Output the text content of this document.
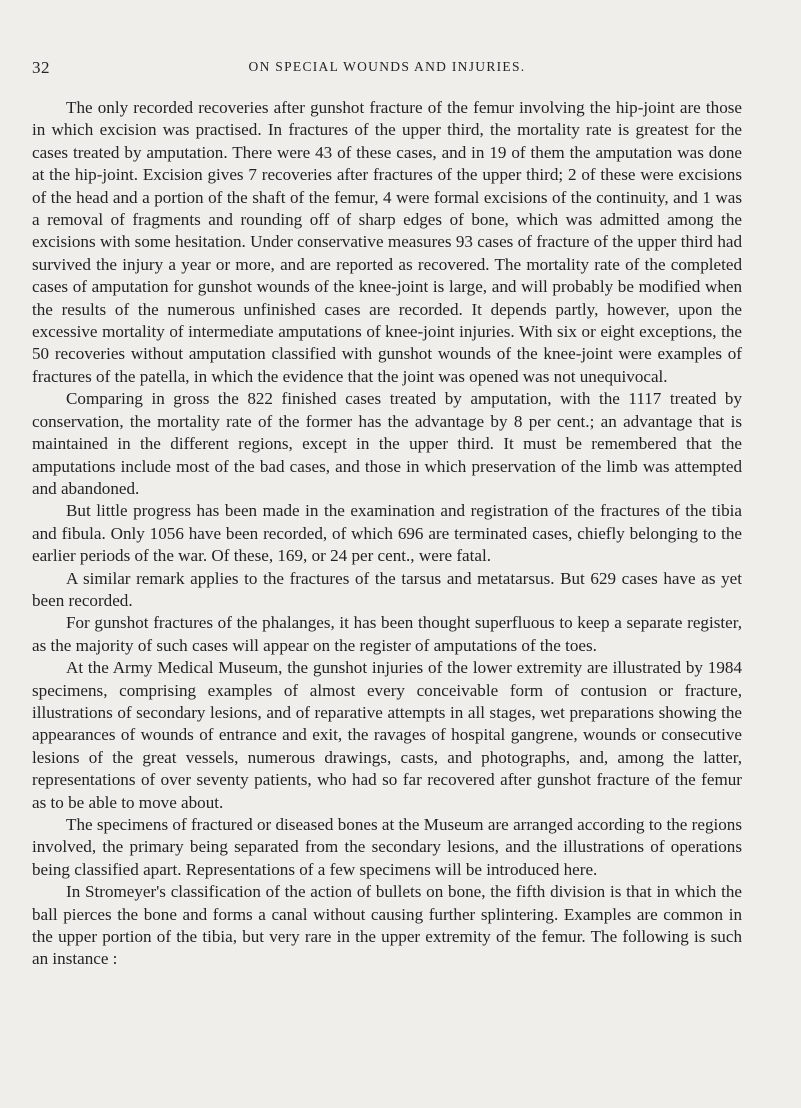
32	ON SPECIAL WOUNDS AND INJURIES.

The only recorded recoveries after gunshot fracture of the femur involving the hip-joint are those in which excision was practised. In fractures of the upper third, the mortality rate is greatest for the cases treated by amputation. There were 43 of these cases, and in 19 of them the amputation was done at the hip-joint. Excision gives 7 recoveries after fractures of the upper third; 2 of these were excisions of the head and a portion of the shaft of the femur, 4 were formal excisions of the continuity, and 1 was a removal of fragments and rounding off of sharp edges of bone, which was admitted among the excisions with some hesitation. Under conservative measures 93 cases of fracture of the upper third had survived the injury a year or more, and are reported as recovered. The mortality rate of the completed cases of amputation for gunshot wounds of the knee-joint is large, and will probably be modified when the results of the numerous unfinished cases are recorded. It depends partly, however, upon the excessive mortality of intermediate amputations of knee-joint injuries. With six or eight exceptions, the 50 recoveries without amputation classified with gunshot wounds of the knee-joint were examples of fractures of the patella, in which the evidence that the joint was opened was not unequivocal.

Comparing in gross the 822 finished cases treated by amputation, with the 1117 treated by conservation, the mortality rate of the former has the advantage by 8 per cent.; an advantage that is maintained in the different regions, except in the upper third. It must be remembered that the amputations include most of the bad cases, and those in which preservation of the limb was attempted and abandoned.

But little progress has been made in the examination and registration of the fractures of the tibia and fibula. Only 1056 have been recorded, of which 696 are terminated cases, chiefly belonging to the earlier periods of the war. Of these, 169, or 24 per cent., were fatal.

A similar remark applies to the fractures of the tarsus and metatarsus. But 629 cases have as yet been recorded.

For gunshot fractures of the phalanges, it has been thought superfluous to keep a separate register, as the majority of such cases will appear on the register of amputations of the toes.

At the Army Medical Museum, the gunshot injuries of the lower extremity are illustrated by 1984 specimens, comprising examples of almost every conceivable form of contusion or fracture, illustrations of secondary lesions, and of reparative attempts in all stages, wet preparations showing the appearances of wounds of entrance and exit, the ravages of hospital gangrene, wounds or consecutive lesions of the great vessels, numerous drawings, casts, and photographs, and, among the latter, representations of over seventy patients, who had so far recovered after gunshot fracture of the femur as to be able to move about.

The specimens of fractured or diseased bones at the Museum are arranged according to the regions involved, the primary being separated from the secondary lesions, and the illustrations of operations being classified apart. Representations of a few specimens will be introduced here.

In Stromeyer's classification of the action of bullets on bone, the fifth division is that in which the ball pierces the bone and forms a canal without causing further splintering. Examples are common in the upper portion of the tibia, but very rare in the upper extremity of the femur. The following is such an instance :
